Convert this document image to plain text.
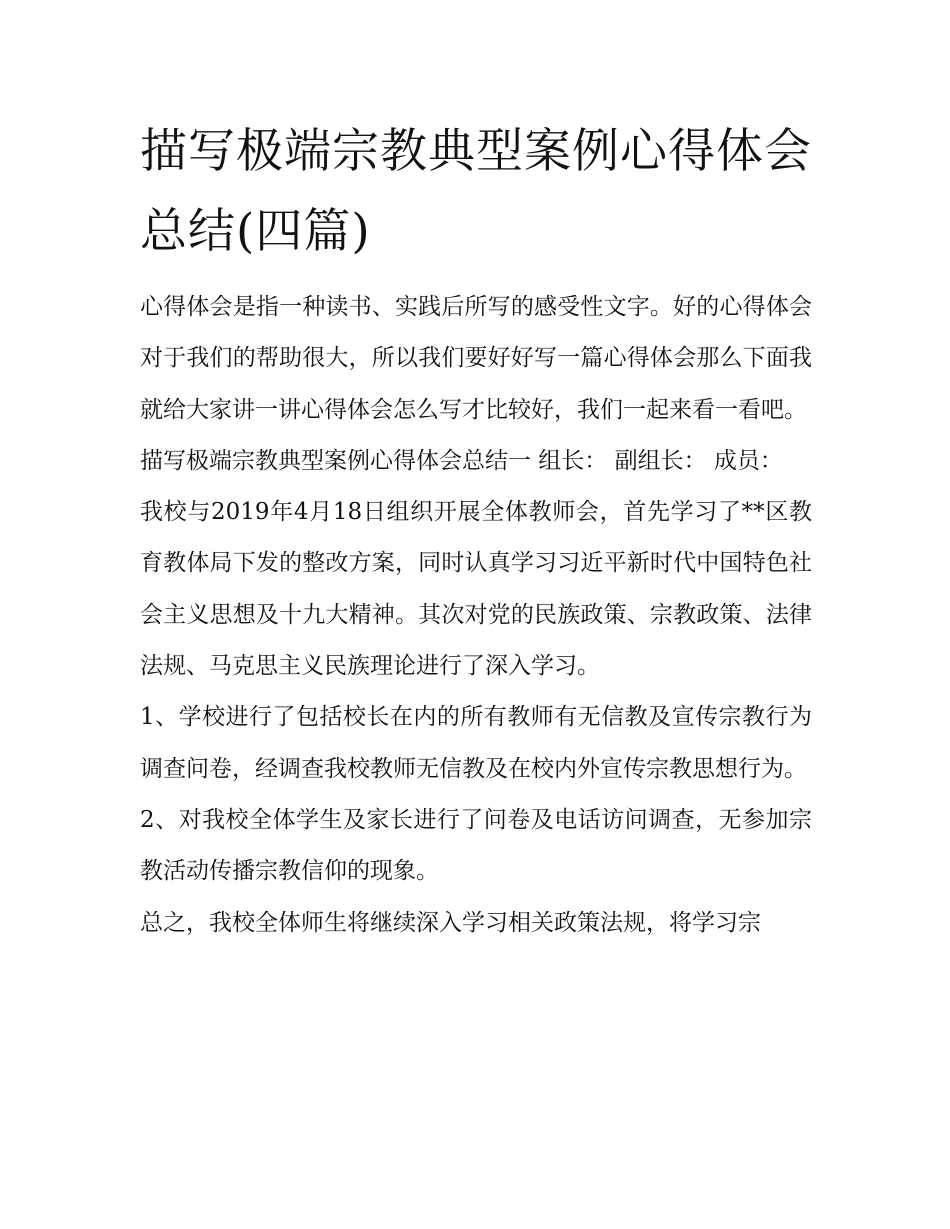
描写极端宗教典型案例心得体会总结(四篇)

心得体会是指一种读书、实践后所写的感受性文字。好的心得体会对于我们的帮助很大，所以我们要好好写一篇心得体会那么下面我就给大家讲一讲心得体会怎么写才比较好，我们一起来看一看吧。

描写极端宗教典型案例心得体会总结一 组长： 副组长： 成员：

我校与2019年4月18日组织开展全体教师会，首先学习了**区教育教体局下发的整改方案，同时认真学习习近平新时代中国特色社会主义思想及十九大精神。其次对党的民族政策、宗教政策、法律法规、马克思主义民族理论进行了深入学习。

1、学校进行了包括校长在内的所有教师有无信教及宣传宗教行为调查问卷，经调查我校教师无信教及在校内外宣传宗教思想行为。

2、对我校全体学生及家长进行了问卷及电话访问调查，无参加宗教活动传播宗教信仰的现象。

总之，我校全体师生将继续深入学习相关政策法规，将学习宗
